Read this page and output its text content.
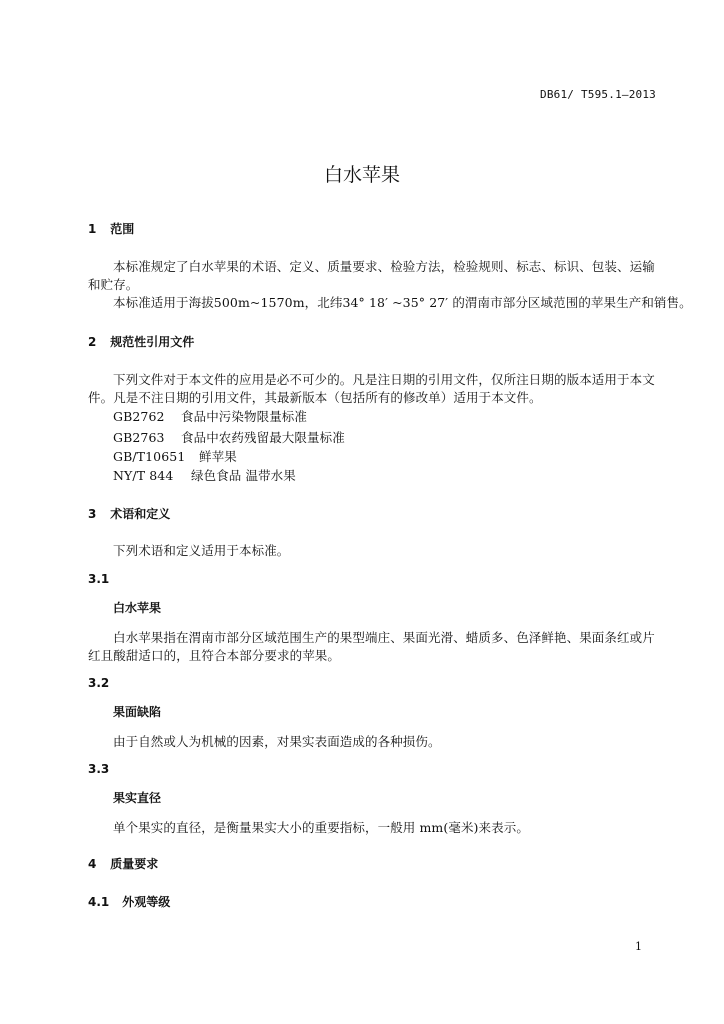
DB61/ T595.1—2013
白水苹果
1 范围
本标准规定了白水苹果的术语、定义、质量要求、检验方法，检验规则、标志、标识、包装、运输
和贮存。
本标准适用于海拔500m~1570m，北纬34° 18′ ~35° 27′ 的渭南市部分区域范围的苹果生产和销售。
2 规范性引用文件
下列文件对于本文件的应用是必不可少的。凡是注日期的引用文件，仅所注日期的版本适用于本文
件。凡是不注日期的引用文件，其最新版本（包括所有的修改单）适用于本文件。
GB2762 食品中污染物限量标准
GB2763 食品中农药残留最大限量标准
GB/T10651 鲜苹果
NY/T 844 绿色食品 温带水果
3 术语和定义
下列术语和定义适用于本标准。
3.1
白水苹果
白水苹果指在渭南市部分区域范围生产的果型端庄、果面光滑、蜡质多、色泽鲜艳、果面条红或片
红且酸甜适口的，且符合本部分要求的苹果。
3.2
果面缺陷
由于自然或人为机械的因素，对果实表面造成的各种损伤。
3.3
果实直径
单个果实的直径，是衡量果实大小的重要指标，一般用 mm(毫米)来表示。
4 质量要求
4.1 外观等级
1
